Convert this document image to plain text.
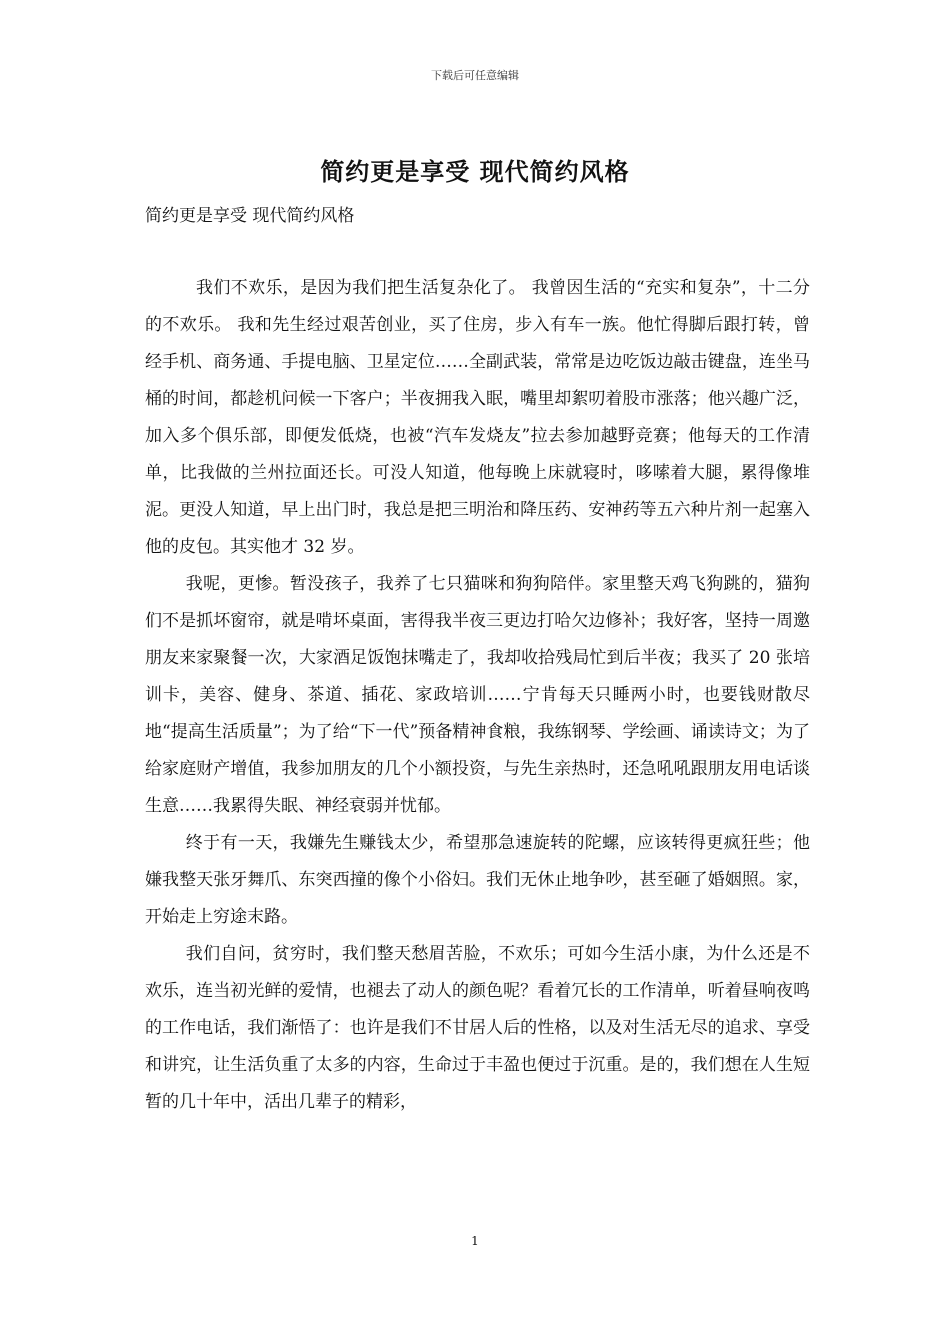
下载后可任意编辑
简约更是享受 现代简约风格
简约更是享受 现代简约风格

我们不欢乐，是因为我们把生活复杂化了。 我曾因生活的“充实和复杂”，十二分的不欢乐。 我和先生经过艰苦创业，买了住房，步入有车一族。他忙得脚后跟打转，曾经手机、商务通、手提电脑、卫星定位……全副武装，常常是边吃饭边敲击键盘，连坐马桶的时间，都趁机问候一下客户；半夜拥我入眠，嘴里却絮叨着股市涨落；他兴趣广泛，加入多个俱乐部，即便发低烧，也被“汽车发烧友”拉去参加越野竞赛；他每天的工作清单，比我做的兰州拉面还长。可没人知道，他每晚上床就寝时，哆嗦着大腿，累得像堆泥。更没人知道，早上出门时，我总是把三明治和降压药、安神药等五六种片剂一起塞入他的皮包。其实他才 32 岁。

我呢，更惨。暂没孩子，我养了七只猫咪和狗狗陪伴。家里整天鸡飞狗跳的，猫狗们不是抓坏窗帘，就是啃坏桌面，害得我半夜三更边打哈欠边修补；我好客，坚持一周邀朋友来家聚餐一次，大家酒足饭饱抹嘴走了，我却收拾残局忙到后半夜；我买了 20 张培训卡，美容、健身、茶道、插花、家政培训……宁肯每天只睡两小时，也要钱财散尽地“提高生活质量”；为了给“下一代”预备精神食粮，我练钢琴、学绘画、诵读诗文；为了给家庭财产增值，我参加朋友的几个小额投资，与先生亲热时，还急吼吼跟朋友用电话谈生意……我累得失眠、神经衰弱并忧郁。

终于有一天，我嫌先生赚钱太少，希望那急速旋转的陀螺，应该转得更疯狂些；他嫌我整天张牙舞爪、东突西撞的像个小俗妇。我们无休止地争吵，甚至砸了婚姻照。家，开始走上穷途末路。

我们自问，贫穷时，我们整天愁眉苦脸，不欢乐；可如今生活小康，为什么还是不欢乐，连当初光鲜的爱情，也褪去了动人的颜色呢？看着冗长的工作清单，听着昼响夜鸣的工作电话，我们渐悟了：也许是我们不甘居人后的性格，以及对生活无尽的追求、享受和讲究，让生活负重了太多的内容，生命过于丰盈也便过于沉重。是的，我们想在人生短暂的几十年中，活出几辈子的精彩，

1
